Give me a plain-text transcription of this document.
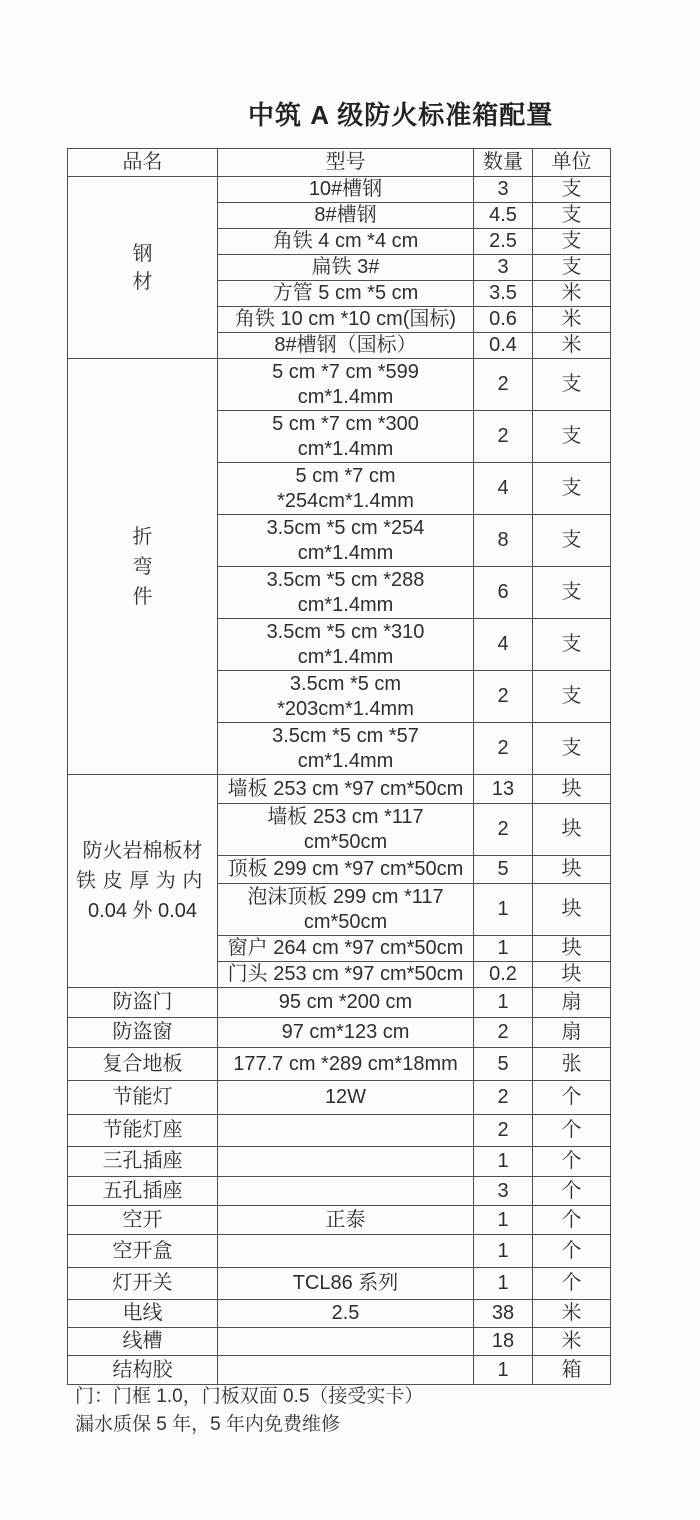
中筑 A 级防火标准箱配置
品名	型号	数量	单位

钢
材	10#槽钢	3	支
	8#槽钢	4.5	支
	角铁 4 cm *4 cm	2.5	支
	扁铁 3#	3	支
	方管 5 cm *5 cm	3.5	米
	角铁 10 cm *10 cm(国标)	0.6	米
	8#槽钢（国标）	0.4	米

折
弯
件

5 cm *7 cm *599
cm*1.4mm
	2	支

	5 cm *7 cm *300
cm*1.4mm	2	支

	5 cm *7 cm
*254cm*1.4mm	4	支

	3.5cm *5 cm *254
cm*1.4mm	8	支

	3.5cm *5 cm *288
cm*1.4mm	6	支

	3.5cm *5 cm *310
cm*1.4mm	4	支

	3.5cm *5 cm
*203cm*1.4mm	2	支

	3.5cm *5 cm *57
cm*1.4mm	2	支

防火岩棉板材
铁皮厚为内
0.04 外 0.04	墙板 253 cm *97 cm*50cm	13	块

	墙板 253 cm *117
cm*50cm	2	块
	顶板 299 cm *97 cm*50cm	5	块

	泡沫顶板 299 cm *117
cm*50cm	1	块
	窗户 264 cm *97 cm*50cm	1	块
	门头 253 cm *97 cm*50cm	0.2	块
防盗门	95 cm *200 cm	1	扇
防盗窗	97 cm*123 cm	2	扇
复合地板	177.7 cm *289 cm*18mm	5	张
节能灯	12W	2	个
节能灯座		2	个
三孔插座		1	个
五孔插座		3	个
空开	正泰	1	个
空开盒		1	个
灯开关	TCL86 系列	1	个
电线	2.5	38	米
线槽		18	米
结构胶		1	箱
门：门框 1.0，门板双面 0.5（接受实卡）
漏水质保 5 年，5 年内免费维修
